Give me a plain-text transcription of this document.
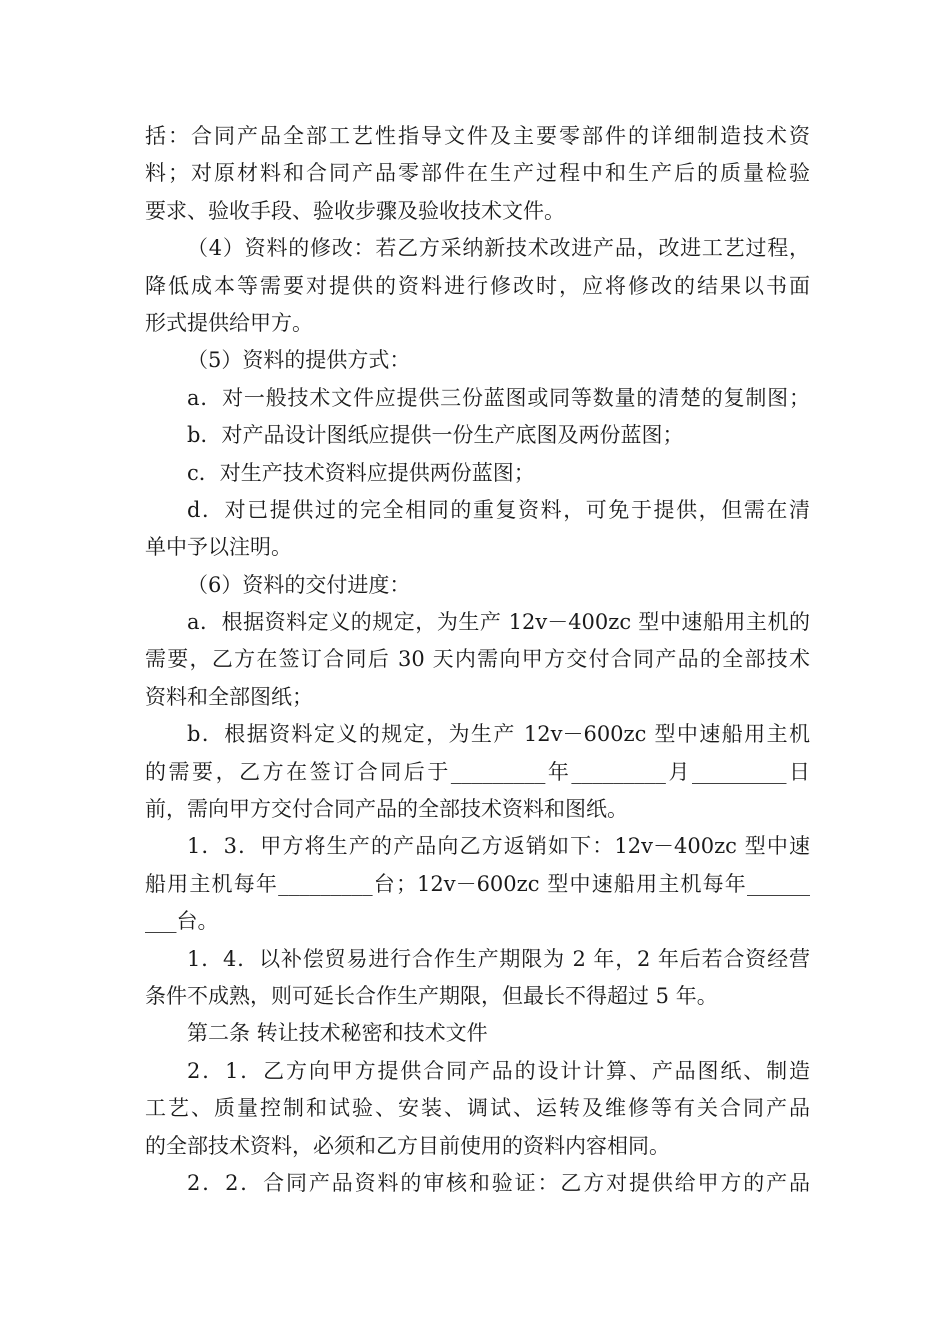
括：合同产品全部工艺性指导文件及主要零部件的详细制造技术资
料；对原材料和合同产品零部件在生产过程中和生产后的质量检验
要求、验收手段、验收步骤及验收技术文件。
（4）资料的修改：若乙方采纳新技术改进产品，改进工艺过程，
降低成本等需要对提供的资料进行修改时，应将修改的结果以书面
形式提供给甲方。
（5）资料的提供方式：
a．对一般技术文件应提供三份蓝图或同等数量的清楚的复制图；
b．对产品设计图纸应提供一份生产底图及两份蓝图；
c．对生产技术资料应提供两份蓝图；
d．对已提供过的完全相同的重复资料，可免于提供，但需在清
单中予以注明。
（6）资料的交付进度：
a．根据资料定义的规定，为生产 12v－400zc 型中速船用主机的
需要，乙方在签订合同后 30 天内需向甲方交付合同产品的全部技术
资料和全部图纸；
b．根据资料定义的规定，为生产 12v－600zc 型中速船用主机
的需要，乙方在签订合同后于_________年_________月_________日
前，需向甲方交付合同产品的全部技术资料和图纸。
1．3．甲方将生产的产品向乙方返销如下：12v－400zc 型中速
船用主机每年_________台；12v－600zc 型中速船用主机每年______
___台。
1．4．以补偿贸易进行合作生产期限为 2 年，2 年后若合资经营
条件不成熟，则可延长合作生产期限，但最长不得超过 5 年。
第二条 转让技术秘密和技术文件
2．1．乙方向甲方提供合同产品的设计计算、产品图纸、制造
工艺、质量控制和试验、安装、调试、运转及维修等有关合同产品
的全部技术资料，必须和乙方目前使用的资料内容相同。
2．2．合同产品资料的审核和验证：乙方对提供给甲方的产品
